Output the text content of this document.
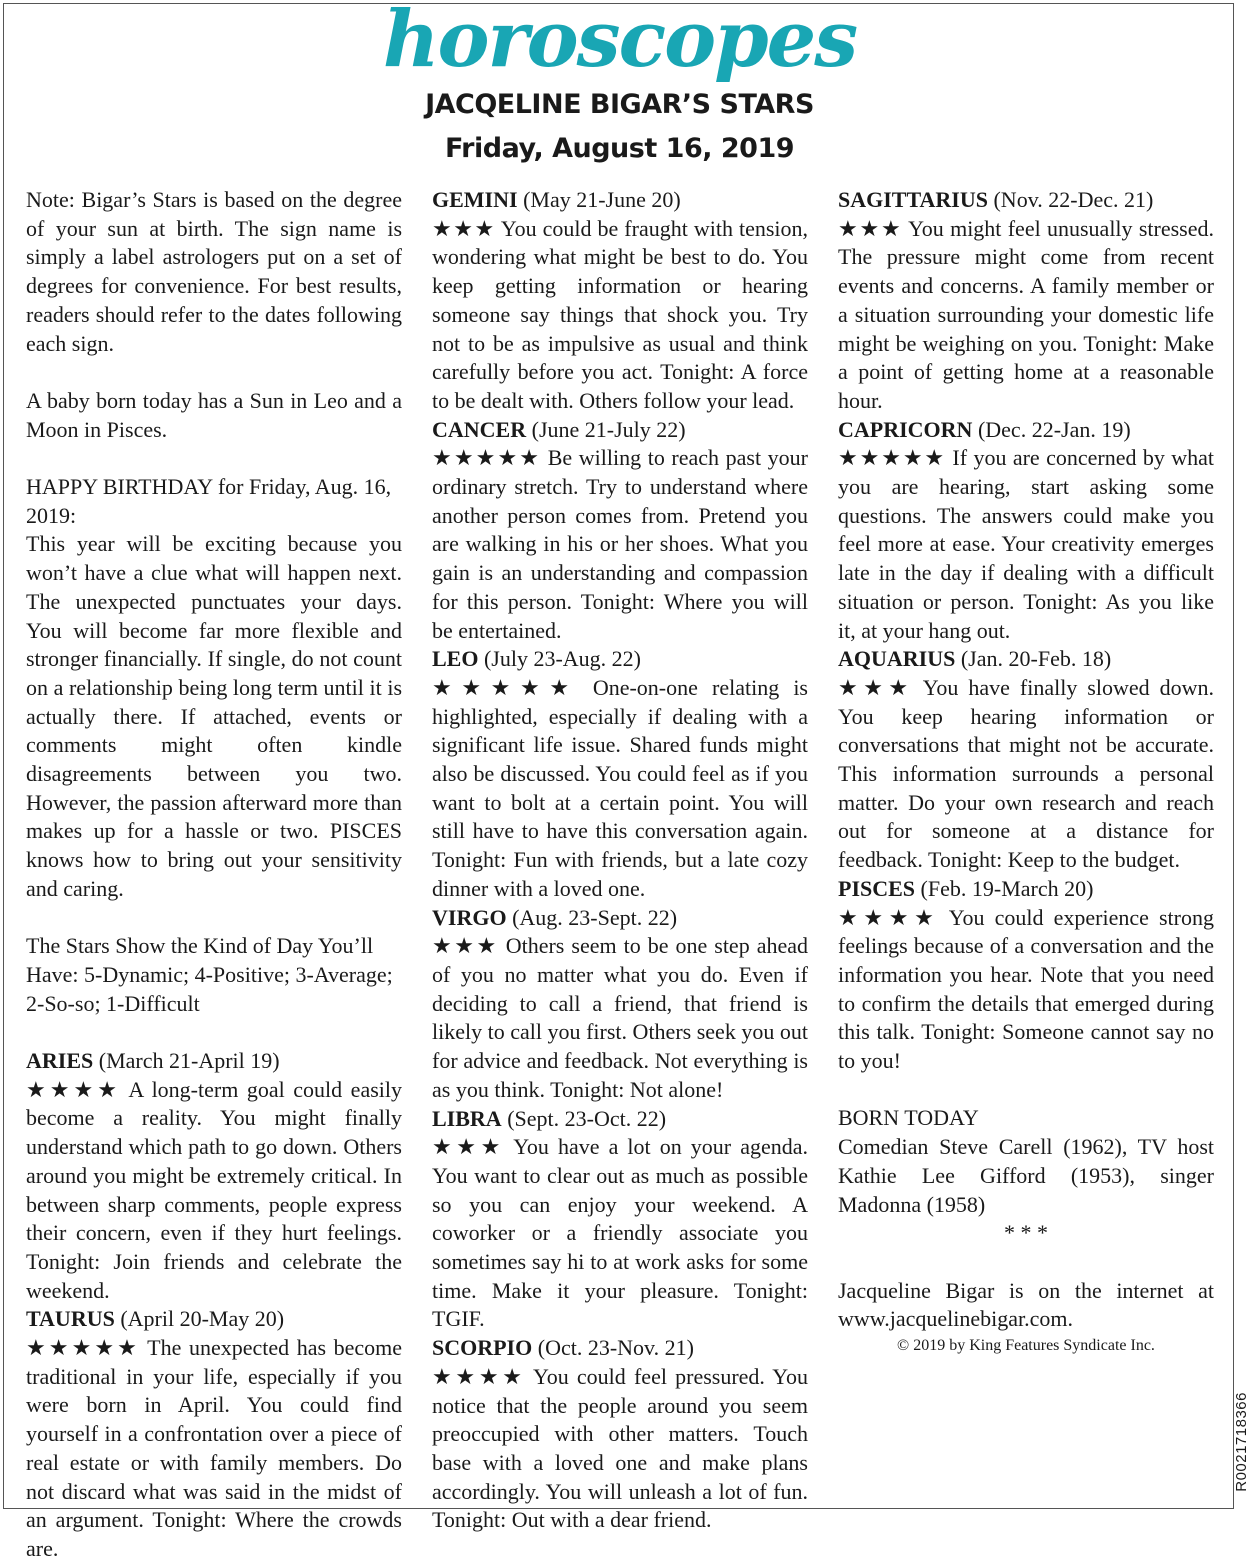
horoscopes
JACQELINE BIGAR’S STARS
Friday, August 16, 2019

Note: Bigar’s Stars is based on the degree of your sun at birth. The sign name is simply a label astrologers put on a set of degrees for convenience. For best results, readers should refer to the dates following each sign.

A baby born today has a Sun in Leo and a Moon in Pisces.

HAPPY BIRTHDAY for Friday, Aug. 16, 2019:

This year will be exciting because you won’t have a clue what will happen next. The unexpected punctuates your days. You will become far more flexible and stronger financially. If single, do not count on a relationship being long term until it is actually there. If attached, events or comments might often kindle disagreements between you two. However, the passion afterward more than makes up for a hassle or two. PISCES knows how to bring out your sensitivity and caring.

The Stars Show the Kind of Day You’ll Have: 5-Dynamic; 4-Positive; 3-Average; 2-So-so; 1-Difficult

ARIES (March 21-April 19)

★★★★ A long-term goal could easily become a reality. You might finally understand which path to go down. Others around you might be extremely critical. In between sharp comments, people express their concern, even if they hurt feelings. Tonight: Join friends and celebrate the weekend.

TAURUS (April 20-May 20)

★★★★★ The unexpected has become traditional in your life, especially if you were born in April. You could find yourself in a confrontation over a piece of real estate or with family members. Do not discard what was said in the midst of an argument. Tonight: Where the crowds are.

GEMINI (May 21-June 20)

★★★ You could be fraught with tension, wondering what might be best to do. You keep getting information or hearing someone say things that shock you. Try not to be as impulsive as usual and think carefully before you act. Tonight: A force to be dealt with. Others follow your lead.

CANCER (June 21-July 22)

★★★★★ Be willing to reach past your ordinary stretch. Try to understand where another person comes from. Pretend you are walking in his or her shoes. What you gain is an understanding and compassion for this person. Tonight: Where you will be entertained.

LEO (July 23-Aug. 22)

★★★★★ One-on-one relating is highlighted, especially if dealing with a significant life issue. Shared funds might also be discussed. You could feel as if you want to bolt at a certain point. You will still have to have this conversation again. Tonight: Fun with friends, but a late cozy dinner with a loved one.

VIRGO (Aug. 23-Sept. 22)

★★★ Others seem to be one step ahead of you no matter what you do. Even if deciding to call a friend, that friend is likely to call you first. Others seek you out for advice and feedback. Not everything is as you think. Tonight: Not alone!

LIBRA (Sept. 23-Oct. 22)

★★★ You have a lot on your agenda. You want to clear out as much as possible so you can enjoy your weekend. A coworker or a friendly associate you sometimes say hi to at work asks for some time. Make it your pleasure. Tonight: TGIF.

SCORPIO (Oct. 23-Nov. 21)

★★★★ You could feel pressured. You notice that the people around you seem preoccupied with other matters. Touch base with a loved one and make plans accordingly. You will unleash a lot of fun. Tonight: Out with a dear friend.

SAGITTARIUS (Nov. 22-Dec. 21)

★★★ You might feel unusually stressed. The pressure might come from recent events and concerns. A family member or a situation surrounding your domestic life might be weighing on you. Tonight: Make a point of getting home at a reasonable hour.

CAPRICORN (Dec. 22-Jan. 19)

★★★★★ If you are concerned by what you are hearing, start asking some questions. The answers could make you feel more at ease. Your creativity emerges late in the day if dealing with a difficult situation or person. Tonight: As you like it, at your hang out.

AQUARIUS (Jan. 20-Feb. 18)

★★★ You have finally slowed down. You keep hearing information or conversations that might not be accurate. This information surrounds a personal matter. Do your own research and reach out for someone at a distance for feedback. Tonight: Keep to the budget.

PISCES (Feb. 19-March 20)

★★★★ You could experience strong feelings because of a conversation and the information you hear. Note that you need to confirm the details that emerged during this talk. Tonight: Someone cannot say no to you!

BORN TODAY

Comedian Steve Carell (1962), TV host Kathie Lee Gifford (1953), singer Madonna (1958)

* * *

Jacqueline Bigar is on the internet at www.jacquelinebigar.com.

© 2019 by King Features Syndicate Inc.

R0021718366
